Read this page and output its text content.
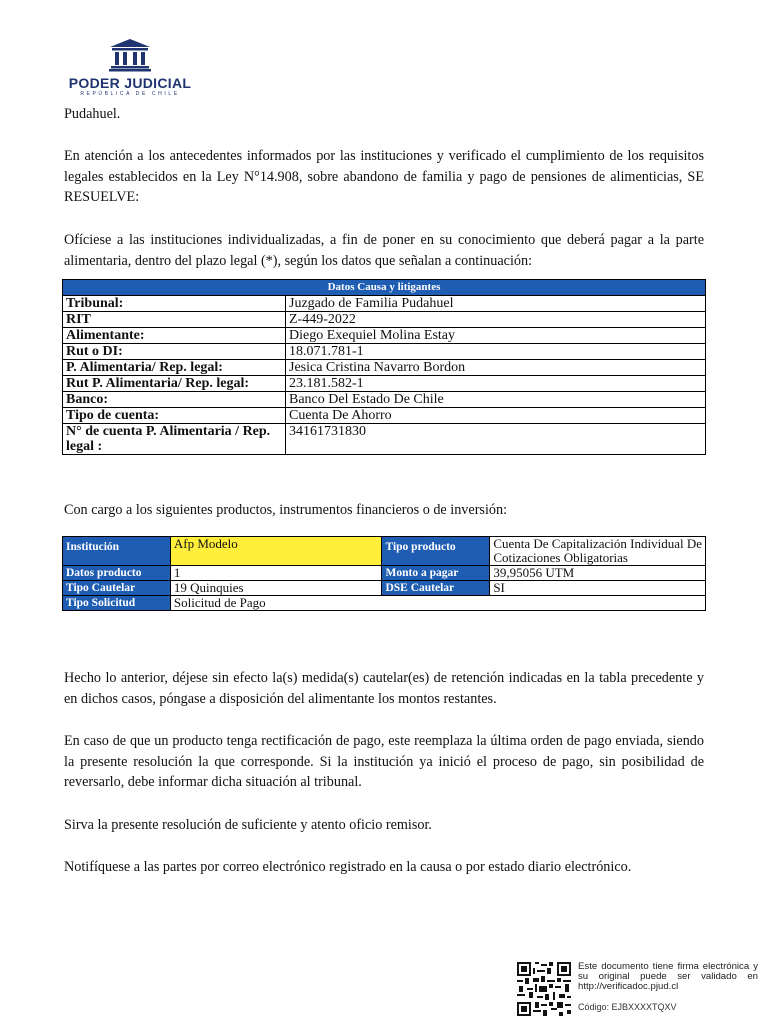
PODER JUDICIAL
REPÚBLICA DE CHILE
Pudahuel.
En atención a los antecedentes informados por las instituciones y verificado el cumplimiento de los requisitos legales establecidos en la Ley N°14.908, sobre abandono de familia y pago de pensiones de alimenticias, SE RESUELVE:
Ofíciese a las instituciones individualizadas, a fin de poner en su conocimiento que deberá pagar a la parte alimentaria, dentro del plazo legal (*), según los datos que señalan a continuación:
Datos Causa y litigantes	
Tribunal:	Juzgado de Familia Pudahuel
RIT	Z-449-2022
Alimentante:	Diego Exequiel Molina Estay
Rut o DI:	18.071.781-1
P. Alimentaria/ Rep. legal:	Jesica Cristina Navarro Bordon
Rut P. Alimentaria/ Rep. legal:	23.181.582-1
Banco:	Banco Del Estado De Chile
Tipo de cuenta:	Cuenta De Ahorro
N° de cuenta P. Alimentaria / Rep. legal :	34161731830
Con cargo a los siguientes productos, instrumentos financieros o de inversión:
Institución	Afp Modelo	Tipo producto	Cuenta De Capitalización Individual De Cotizaciones Obligatorias
Datos producto	1	Monto a pagar	39,95056 UTM
Tipo Cautelar	19 Quinquies	DSE Cautelar	SI
Tipo Solicitud	Solicitud de Pago		
Hecho lo anterior, déjese sin efecto la(s) medida(s) cautelar(es) de retención indicadas en la tabla precedente y en dichos casos, póngase a disposición del alimentante los montos restantes.
En caso de que un producto tenga rectificación de pago, este reemplaza la última orden de pago enviada, siendo la presente resolución la que corresponde. Si la institución ya inició el proceso de pago, sin posibilidad de reversarlo, debe informar dicha situación al tribunal.
Sirva la presente resolución de suficiente y atento oficio remisor.
Notifíquese a las partes por correo electrónico registrado en la causa o por estado diario electrónico.
Este documento tiene firma electrónica y su original puede ser validado en http://verificadoc.pjud.cl
Código: EJBXXXXTQXV
